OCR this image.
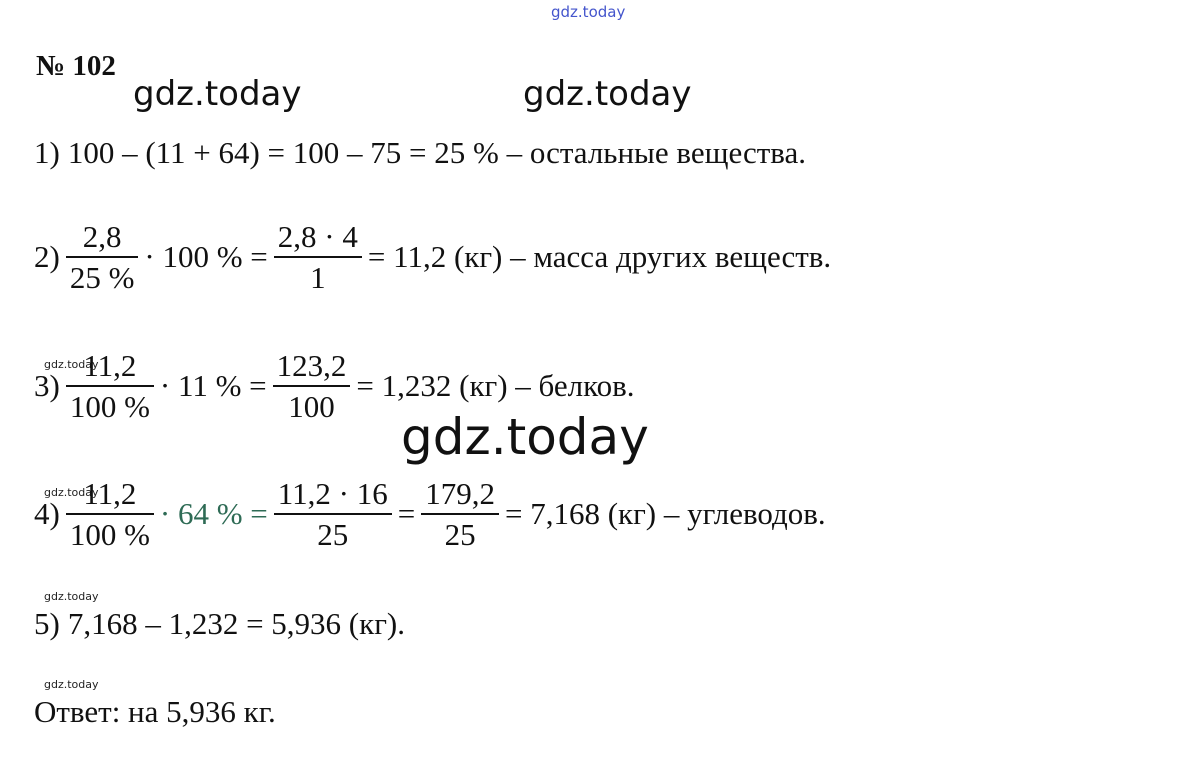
gdz.today
№ 102
gdz.today	gdz.today
gdz.today
gdz.today
gdz.today
gdz.today
gdz.today
1) 100 – (11 + 64) = 100 – 75 = 25 % – остальные вещества.
$2) \frac{2,8}{25 \%} \cdot 100$ % = $\frac{2,8 \cdot 4}{1} = 11,2$ (кг) – масса других веществ.
$3) \frac{11,2}{100 \%} \cdot 11$ % = $\frac{123,2}{100} = 1,232$ (кг) – белков.
$4) \frac{11,2}{100 \%} \cdot 64$ % = $\frac{11,2 \cdot 16}{25} = \frac{179,2}{25} = 7,168$ (кг) – углеводов.
5) 7,168 – 1,232 = 5,936 (кг).
Ответ: на 5,936 кг.
